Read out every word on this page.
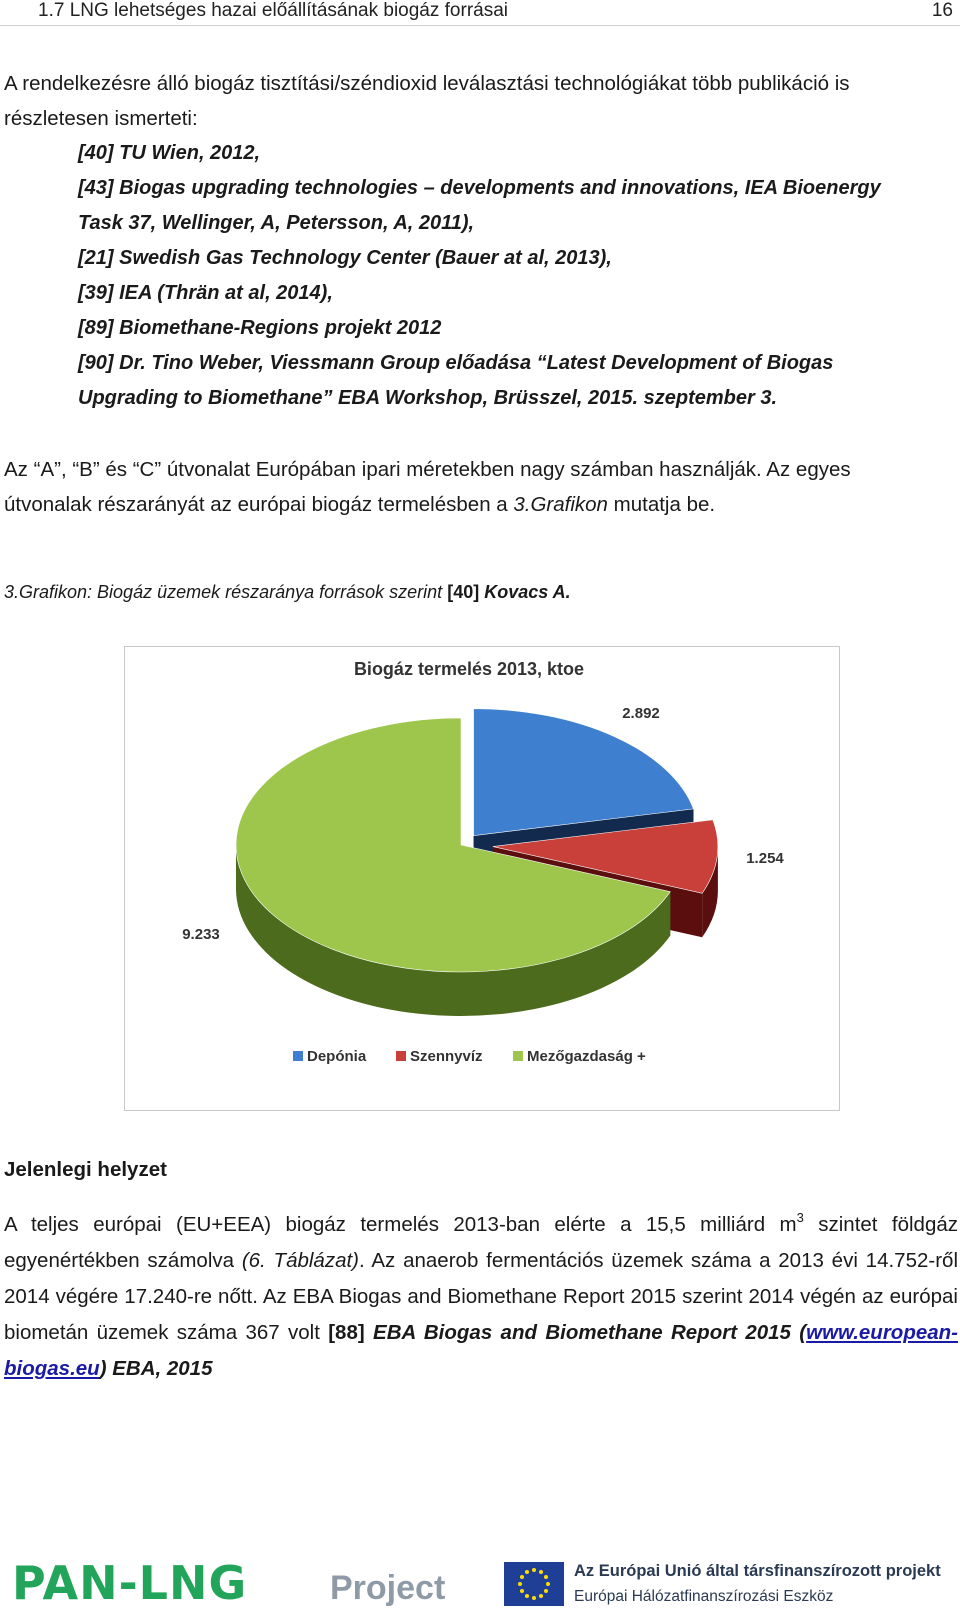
1.7 LNG lehetséges hazai előállításának biogáz forrásai	16
A rendelkezésre álló biogáz tisztítási/széndioxid leválasztási technológiákat több publikáció is
részletesen ismerteti:
[40] TU Wien, 2012,
[43] Biogas upgrading technologies – developments and innovations, IEA Bioenergy
Task 37, Wellinger, A, Petersson, A, 2011),
[21] Swedish Gas Technology Center (Bauer at al, 2013),
[39] IEA (Thrän at al, 2014),
[89] Biomethane-Regions projekt 2012
[90] Dr. Tino Weber, Viessmann Group előadása “Latest Development of Biogas
Upgrading to Biomethane” EBA Workshop, Brüsszel, 2015. szeptember 3.
Az “A”, “B” és “C” útvonalat Európában ipari méretekben nagy számban használják. Az egyes
útvonalak részarányát az európai biogáz termelésben a 3.Grafikon mutatja be.
3.Grafikon: Biogáz üzemek részaránya források szerint [40] Kovacs A.
Biogáz termelés 2013, ktoe
2.892
1.254
9.233
Depónia	Szennyvíz	Mezőgazdaság +
Jelenlegi helyzet
A teljes európai (EU+EEA) biogáz termelés 2013-ban elérte a 15,5 milliárd $m^3$ szintet földgáz egyenértékben számolva (6. Táblázat). Az anaerob fermentációs üzemek száma a 2013 évi 14.752-ről 2014 végére 17.240-re nőtt. Az EBA Biogas and Biomethane Report 2015 szerint 2014 végén az európai biometán üzemek száma 367 volt [88] EBA Biogas and Biomethane Report 2015 (www.european-biogas.eu) EBA, 2015
PAN-LNG Project	Az Európai Unió által társfinanszírozott projekt
Európai Hálózatfinanszírozási Eszköz
